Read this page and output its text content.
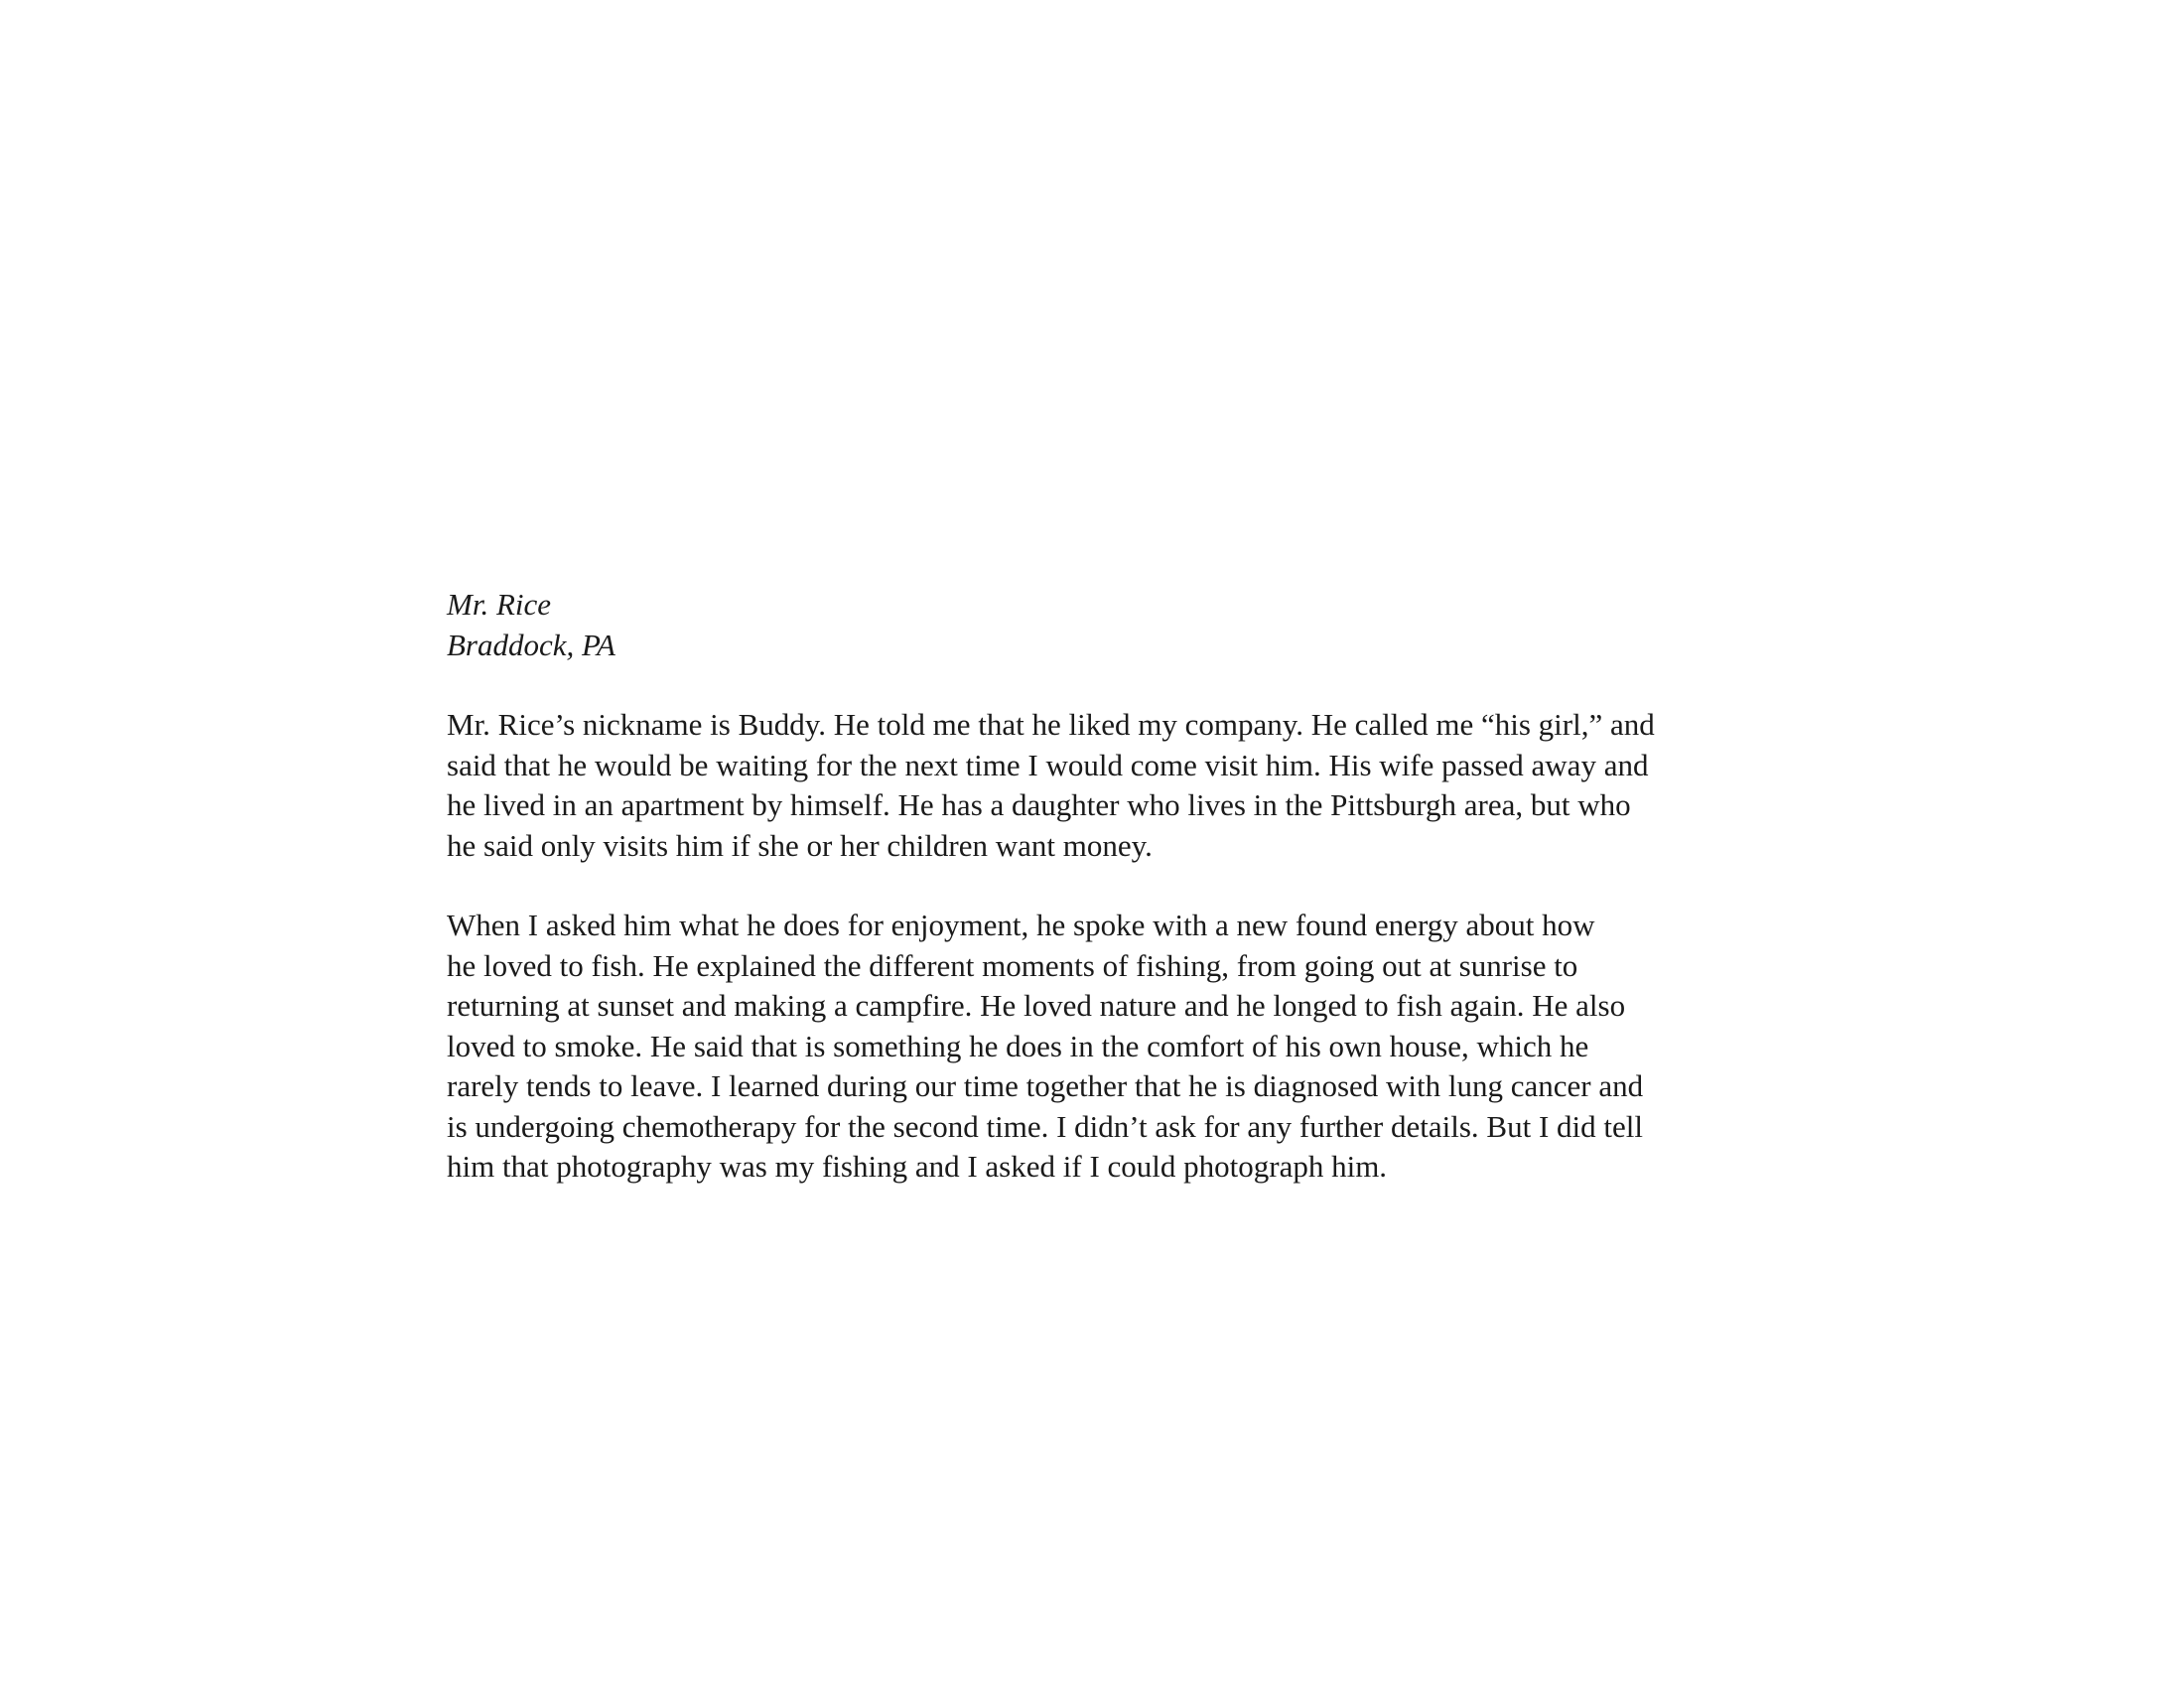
Mr. Rice
Braddock, PA

Mr. Rice’s nickname is Buddy. He told me that he liked my company. He called me “his girl,” and
said that he would be waiting for the next time I would come visit him. His wife passed away and
he lived in an apartment by himself. He has a daughter who lives in the Pittsburgh area, but who
he said only visits him if she or her children want money.

When I asked him what he does for enjoyment, he spoke with a new found energy about how
he loved to fish. He explained the different moments of fishing, from going out at sunrise to
returning at sunset and making a campfire. He loved nature and he longed to fish again. He also
loved to smoke. He said that is something he does in the comfort of his own house, which he
rarely tends to leave. I learned during our time together that he is diagnosed with lung cancer and
is undergoing chemotherapy for the second time. I didn’t ask for any further details. But I did tell
him that photography was my fishing and I asked if I could photograph him.
